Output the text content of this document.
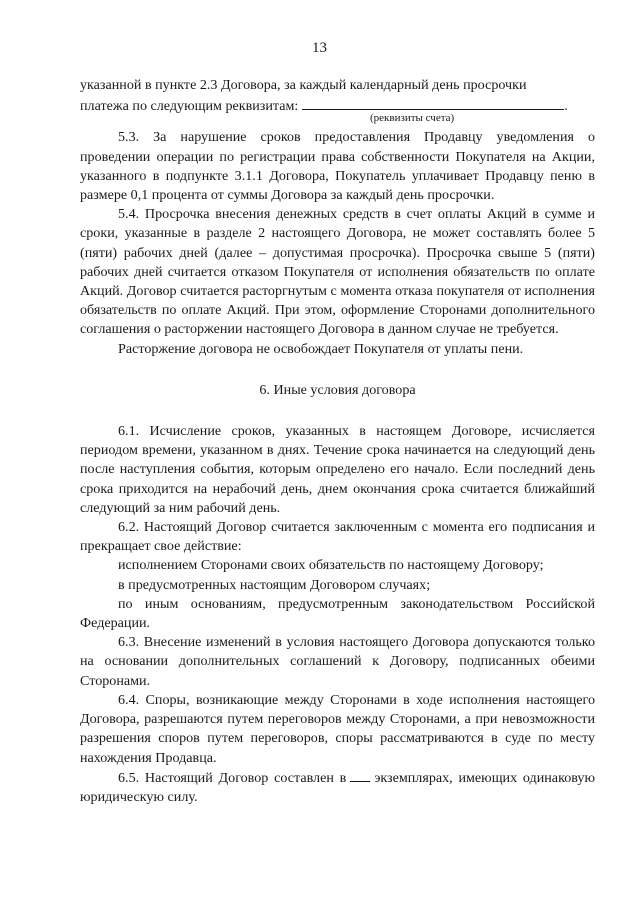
13

указанной в пункте 2.3 Договора, за каждый календарный день просрочки

платежа по следующим реквизитам:	.

(реквизиты счета)

5.3. За нарушение сроков предоставления Продавцу уведомления о проведении операции по регистрации права собственности Покупателя на Акции, указанного в подпункте 3.1.1 Договора, Покупатель уплачивает Продавцу пеню в размере 0,1 процента от суммы Договора за каждый день просрочки.

5.4. Просрочка внесения денежных средств в счет оплаты Акций в сумме и сроки, указанные в разделе 2 настоящего Договора, не может составлять более 5 (пяти) рабочих дней (далее – допустимая просрочка). Просрочка свыше 5 (пяти) рабочих дней считается отказом Покупателя от исполнения обязательств по оплате Акций. Договор считается расторгнутым с момента отказа покупателя от исполнения обязательств по оплате Акций. При этом, оформление Сторонами дополнительного соглашения о расторжении настоящего Договора в данном случае не требуется.

Расторжение договора не освобождает Покупателя от уплаты пени.

6. Иные условия договора

6.1. Исчисление сроков, указанных в настоящем Договоре, исчисляется периодом времени, указанном в днях. Течение срока начинается на следующий день после наступления события, которым определено его начало. Если последний день срока приходится на нерабочий день, днем окончания срока считается ближайший следующий за ним рабочий день.

6.2. Настоящий Договор считается заключенным с момента его подписания и прекращает свое действие:

исполнением Сторонами своих обязательств по настоящему Договору;

в предусмотренных настоящим Договором случаях;

по иным основаниям, предусмотренным законодательством Российской Федерации.

6.3. Внесение изменений в условия настоящего Договора допускаются только на основании дополнительных соглашений к Договору, подписанных обеими Сторонами.

6.4. Споры, возникающие между Сторонами в ходе исполнения настоящего Договора, разрешаются путем переговоров между Сторонами, а при невозможности разрешения споров путем переговоров, споры рассматриваются в суде по месту нахождения Продавца.

6.5. Настоящий Договор составлен в экземплярах, имеющих одинаковую юридическую силу.
